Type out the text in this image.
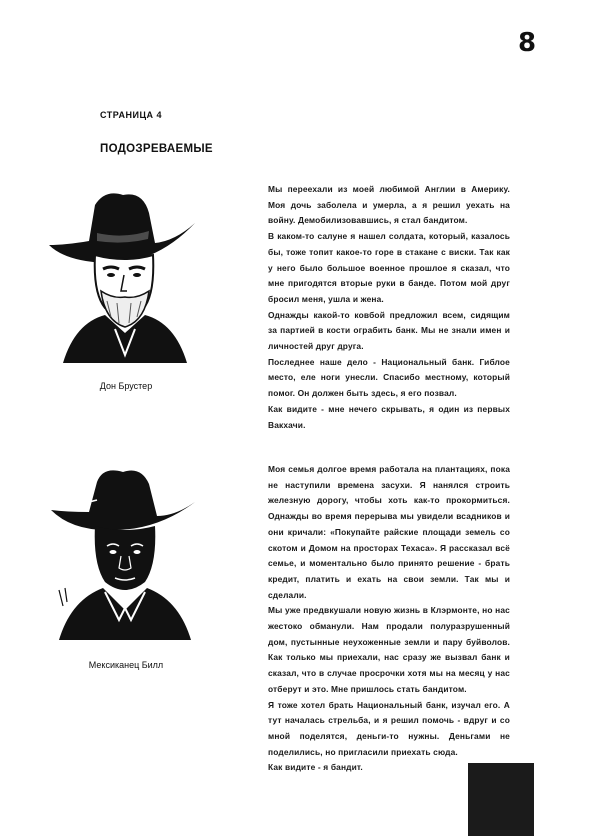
8
СТРАНИЦА 4
ПОДОЗРЕВАЕМЫЕ
Дон Брустер

Мы переехали из моей любимой Англии в Америку. Моя дочь заболела и умерла, а я решил уехать на войну. Демобилизовавшись, я стал бандитом.

В каком-то салуне я нашел солдата, который, казалось бы, тоже топит какое-то горе в стакане с виски. Так как у него было большое военное прошлое я сказал, что мне пригодятся вторые руки в банде. Потом мой друг бросил меня, ушла и жена.

Однажды какой-то ковбой предложил всем, сидящим за партией в кости ограбить банк. Мы не знали имен и личностей друг друга.

Последнее наше дело - Национальный банк. Гиблое место, еле ноги унесли. Спасибо местному, который помог. Он должен быть здесь, я его позвал.

Как видите - мне нечего скрывать, я один из первых Вакхачи.

Мексиканец Билл

Моя семья долгое время работала на плантациях, пока не наступили времена засухи. Я нанялся строить железную дорогу, чтобы хоть как-то прокормиться. Однажды во время перерыва мы увидели всадников и они кричали: «Покупайте райские площади земель со скотом и Домом на просторах Техаса». Я рассказал всё семье, и моментально было принято решение - брать кредит, платить и ехать на свои земли. Так мы и сделали.

Мы уже предвкушали новую жизнь в Клэрмонте, но нас жестоко обманули. Нам продали полуразрушенный дом, пустынные неухоженные земли и пару буйволов. Как только мы приехали, нас сразу же вызвал банк и сказал, что в случае просрочки хотя мы на месяц у нас отберут и это. Мне пришлось стать бандитом.

Я тоже хотел брать Национальный банк, изучал его. А тут началась стрельба, и я решил помочь - вдруг и со мной поделятся, деньги-то нужны. Деньгами не поделились, но пригласили приехать сюда.

Как видите - я бандит.
